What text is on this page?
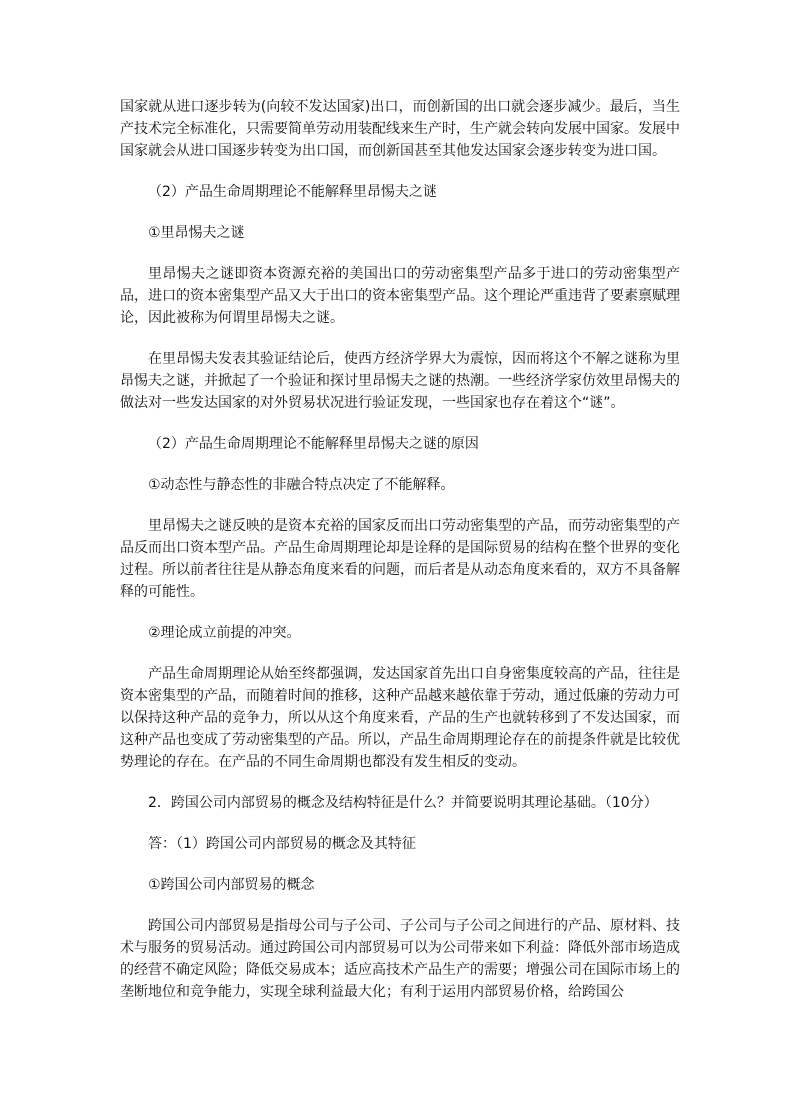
国家就从进口逐步转为(向较不发达国家)出口，而创新国的出口就会逐步减少。最后，当生产技术完全标准化，只需要简单劳动用装配线来生产时，生产就会转向发展中国家。发展中国家就会从进口国逐步转变为出口国，而创新国甚至其他发达国家会逐步转变为进口国。

（2）产品生命周期理论不能解释里昂惕夫之谜

①里昂惕夫之谜

里昂惕夫之谜即资本资源充裕的美国出口的劳动密集型产品多于进口的劳动密集型产品，进口的资本密集型产品又大于出口的资本密集型产品。这个理论严重违背了要素禀赋理论，因此被称为何谓里昂惕夫之谜。

在里昂惕夫发表其验证结论后，使西方经济学界大为震惊，因而将这个不解之谜称为里昂惕夫之谜，并掀起了一个验证和探讨里昂惕夫之谜的热潮。一些经济学家仿效里昂惕夫的做法对一些发达国家的对外贸易状况进行验证发现，一些国家也存在着这个“谜”。

（2）产品生命周期理论不能解释里昂惕夫之谜的原因

①动态性与静态性的非融合特点决定了不能解释。

里昂惕夫之谜反映的是资本充裕的国家反而出口劳动密集型的产品，而劳动密集型的产品反而出口资本型产品。产品生命周期理论却是诠释的是国际贸易的结构在整个世界的变化过程。所以前者往往是从静态角度来看的问题，而后者是从动态角度来看的，双方不具备解释的可能性。

②理论成立前提的冲突。

产品生命周期理论从始至终都强调，发达国家首先出口自身密集度较高的产品，往往是资本密集型的产品，而随着时间的推移，这种产品越来越依靠于劳动，通过低廉的劳动力可以保持这种产品的竞争力，所以从这个角度来看，产品的生产也就转移到了不发达国家，而这种产品也变成了劳动密集型的产品。所以，产品生命周期理论存在的前提条件就是比较优势理论的存在。在产品的不同生命周期也都没有发生相反的变动。

2．跨国公司内部贸易的概念及结构特征是什么？并简要说明其理论基础。（10分）

答：（1）跨国公司内部贸易的概念及其特征

①跨国公司内部贸易的概念

跨国公司内部贸易是指母公司与子公司、子公司与子公司之间进行的产品、原材料、技术与服务的贸易活动。通过跨国公司内部贸易可以为公司带来如下利益：降低外部市场造成的经营不确定风险；降低交易成本；适应高技术产品生产的需要；增强公司在国际市场上的垄断地位和竞争能力，实现全球利益最大化；有利于运用内部贸易价格，给跨国公
